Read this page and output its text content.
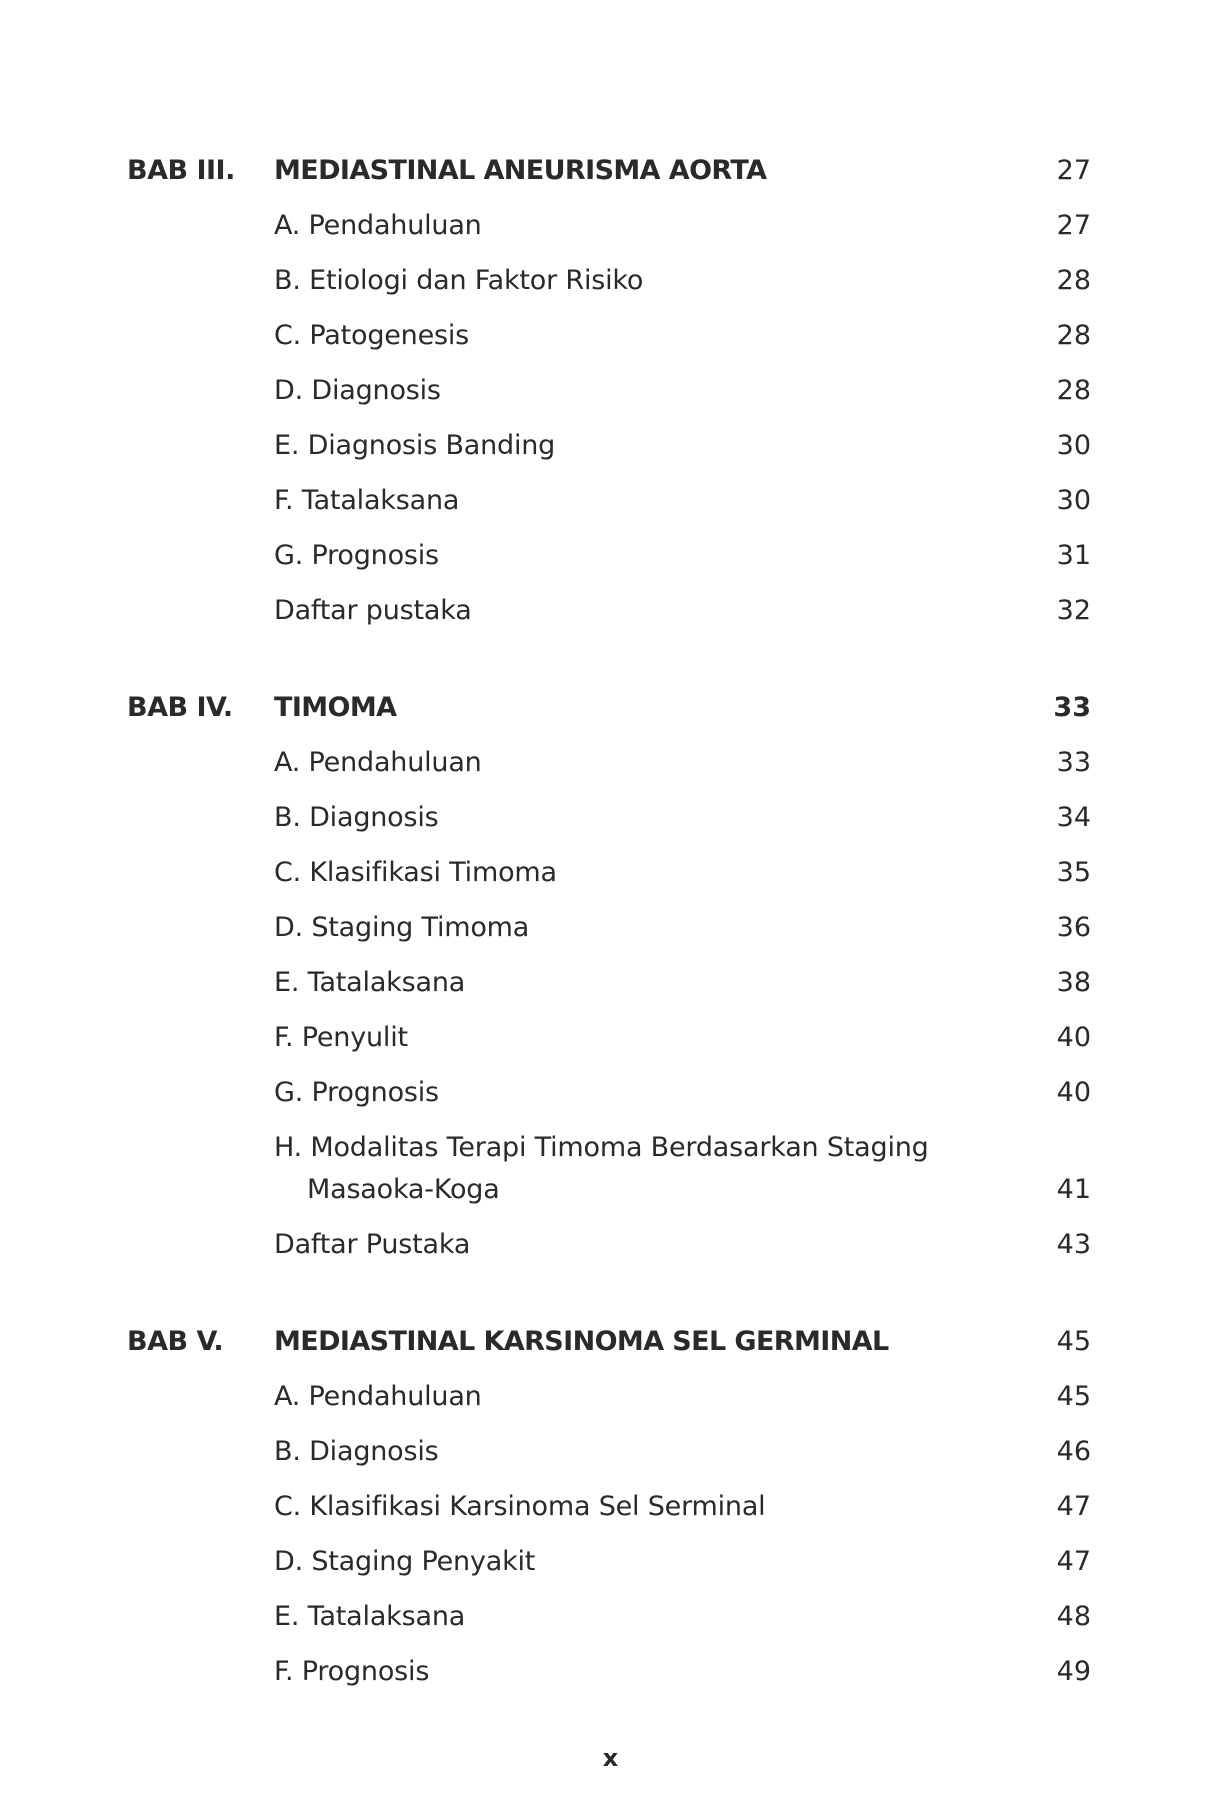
BAB III. MEDIASTINAL ANEURISMA AORTA	27
A. Pendahuluan	27
B. Etiologi dan Faktor Risiko	28
C. Patogenesis	28
D. Diagnosis	28
E. Diagnosis Banding	30
F. Tatalaksana	30
G. Prognosis	31
Daftar pustaka	32
BAB IV. TIMOMA	33
A. Pendahuluan	33
B. Diagnosis	34
C. Klasifikasi Timoma	35
D. Staging Timoma	36
E. Tatalaksana	38
F. Penyulit	40
G. Prognosis	40
H. Modalitas Terapi Timoma Berdasarkan Staging
Masaoka-Koga	41
Daftar Pustaka	43
BAB V. MEDIASTINAL KARSINOMA SEL GERMINAL	45
A. Pendahuluan	45
B. Diagnosis	46
C. Klasifikasi Karsinoma Sel Serminal	47
D. Staging Penyakit	47
E. Tatalaksana	48
F. Prognosis	49
x
